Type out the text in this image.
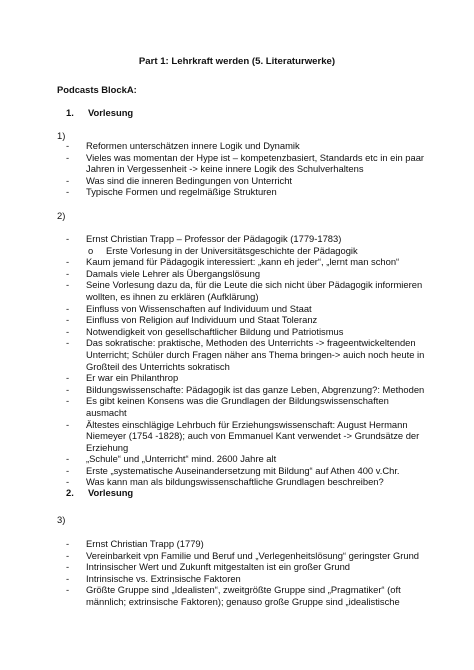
Part 1: Lehrkraft werden (5. Literaturwerke)
Podcasts BlockA:
1. Vorlesung
1)
- Reformen unterschätzen innere Logik und Dynamik
- Vieles was momentan der Hype ist – kompetenzbasiert, Standards etc in ein paar
Jahren in Vergessenheit -> keine innere Logik des Schulverhaltens
- Was sind die inneren Bedingungen von Unterricht
- Typische Formen und regelmäßige Strukturen
2)
- Ernst Christian Trapp – Professor der Pädagogik (1779-1783)
o Erste Vorlesung in der Universitätsgeschichte der Pädagogik
- Kaum jemand für Pädagogik interessiert: „kann eh jeder“, „lernt man schon“
- Damals viele Lehrer als Übergangslösung
- Seine Vorlesung dazu da, für die Leute die sich nicht über Pädagogik informieren
wollten, es ihnen zu erklären (Aufklärung)
- Einfluss von Wissenschaften auf Individuum und Staat
- Einfluss von Religion auf Individuum und Staat Toleranz
- Notwendigkeit von gesellschaftlicher Bildung und Patriotismus
- Das sokratische: praktische, Methoden des Unterrichts -> frageentwickeltenden
Unterricht; Schüler durch Fragen näher ans Thema bringen-> auich noch heute in
Großteil des Unterrichts sokratisch
- Er war ein Philanthrop
- Bildungswissenschafte: Pädagogik ist das ganze Leben, Abgrenzung?: Methoden
- Es gibt keinen Konsens was die Grundlagen der Bildungswissenschaften ausmacht
- Ältestes einschlägige Lehrbuch für Erziehungswissenschaft: August Hermann
Niemeyer (1754 -1828); auch von Emmanuel Kant verwendet -> Grundsätze der
Erziehung
- „Schule“ und „Unterricht“ mind. 2600 Jahre alt
- Erste „systematische Auseinandersetzung mit Bildung“ auf Athen 400 v.Chr.
- Was kann man als bildungswissenschaftliche Grundlagen beschreiben?
2. Vorlesung
3)
- Ernst Christian Trapp (1779)
- Vereinbarkeit vpn Familie und Beruf und „Verlegenheitslösung“ geringster Grund
- Intrinsischer Wert und Zukunft mitgestalten ist ein großer Grund
- Intrinsische vs. Extrinsische Faktoren
- Größte Gruppe sind „Idealisten“, zweitgrößte Gruppe sind „Pragmatiker“ (oft
männlich; extrinsische Faktoren); genauso große Gruppe sind „idealistische
